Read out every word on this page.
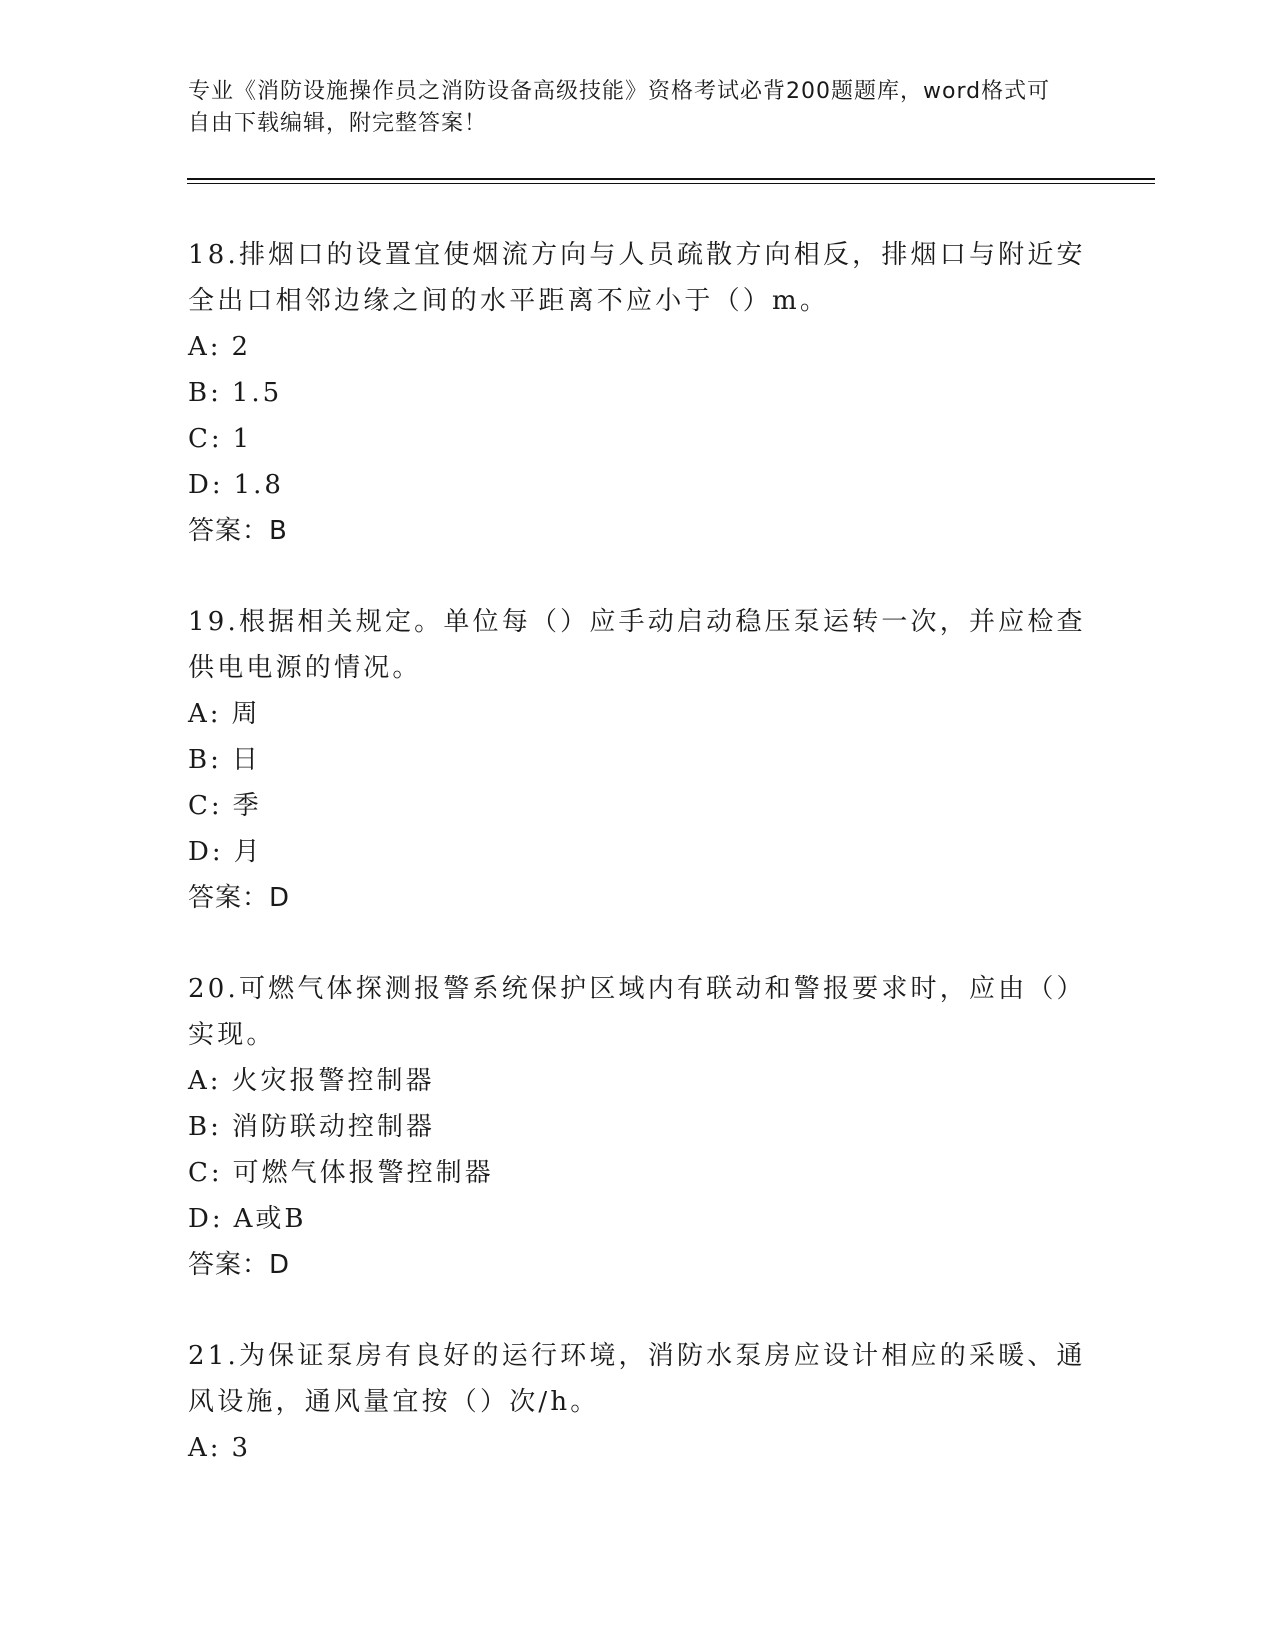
专业《消防设施操作员之消防设备高级技能》资格考试必背200题题库，word格式可自由下载编辑，附完整答案！

18.排烟口的设置宜使烟流方向与人员疏散方向相反，排烟口与附近安全出口相邻边缘之间的水平距离不应小于（）m。

A: 2

B: 1.5

C: 1

D: 1.8

答案：B

19.根据相关规定。单位每（）应手动启动稳压泵运转一次，并应检查供电电源的情况。

A: 周

B: 日

C: 季

D: 月

答案：D

20.可燃气体探测报警系统保护区域内有联动和警报要求时，应由（）实现。

A: 火灾报警控制器

B: 消防联动控制器

C: 可燃气体报警控制器

D: A或B

答案：D

21.为保证泵房有良好的运行环境，消防水泵房应设计相应的采暖、通风设施，通风量宜按（）次/h。

A: 3
